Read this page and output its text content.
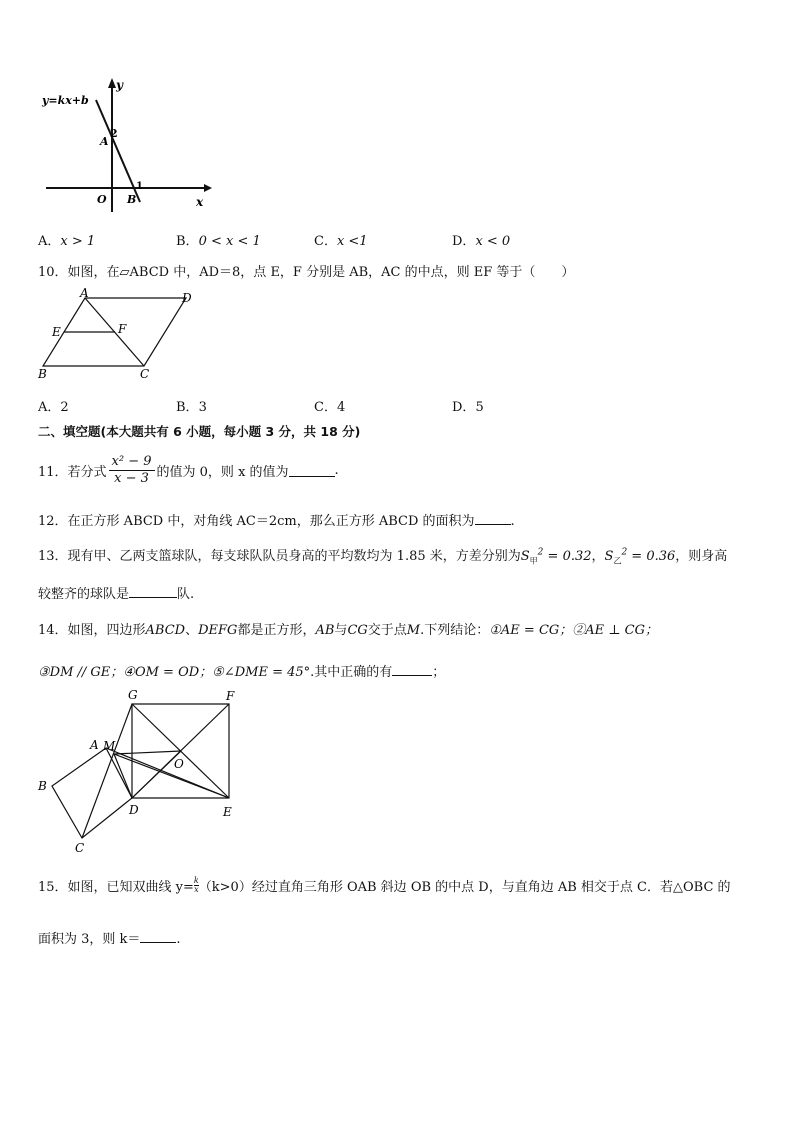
y=kx+b
y
x
A
2
O B
1
A．x > 1	B．0 < x < 1	C．x <1	D．x < 0
10．如图，在▱ABCD 中，AD＝8，点 E，F 分别是 AB，AC 的中点，则 EF 等于（　　）
A	D
B	C
E	F
A．2	B．3	C．4	D．5
二、填空题(本大题共有 6 小题，每小题 3 分，共 18 分)
11．若分式 $\frac{\text{x² − 9}}{x - 3}$ 的值为 0，则 x 的值为	.
12．在正方形 ABCD 中，对角线 AC＝2cm，那么正方形 ABCD 的面积为	.
13．现有甲、乙两支篮球队，每支球队队员身高的平均数均为 1.85 米，方差分别为$S_甲^2 = 0.32$，$S_乙^2 = 0.36$，则身高
较整齐的球队是	队.
14．如图，四边形ABCD、DEFG都是正方形，AB与CG交于点M.下列结论：①AE = CG；②AE ⊥ CG；
③DM // GE；④OM = OD；⑤∠DME = 45°.其中正确的有	；
G	F
A M
O
B
D	E
C
15．如图，已知双曲线 $y= \frac{k}{x} (k>0)$经过直角三角形 OAB 斜边 OB 的中点 D，与直角边 AB 相交于点 C．若△OBC 的
面积为 3，则 k＝	.
